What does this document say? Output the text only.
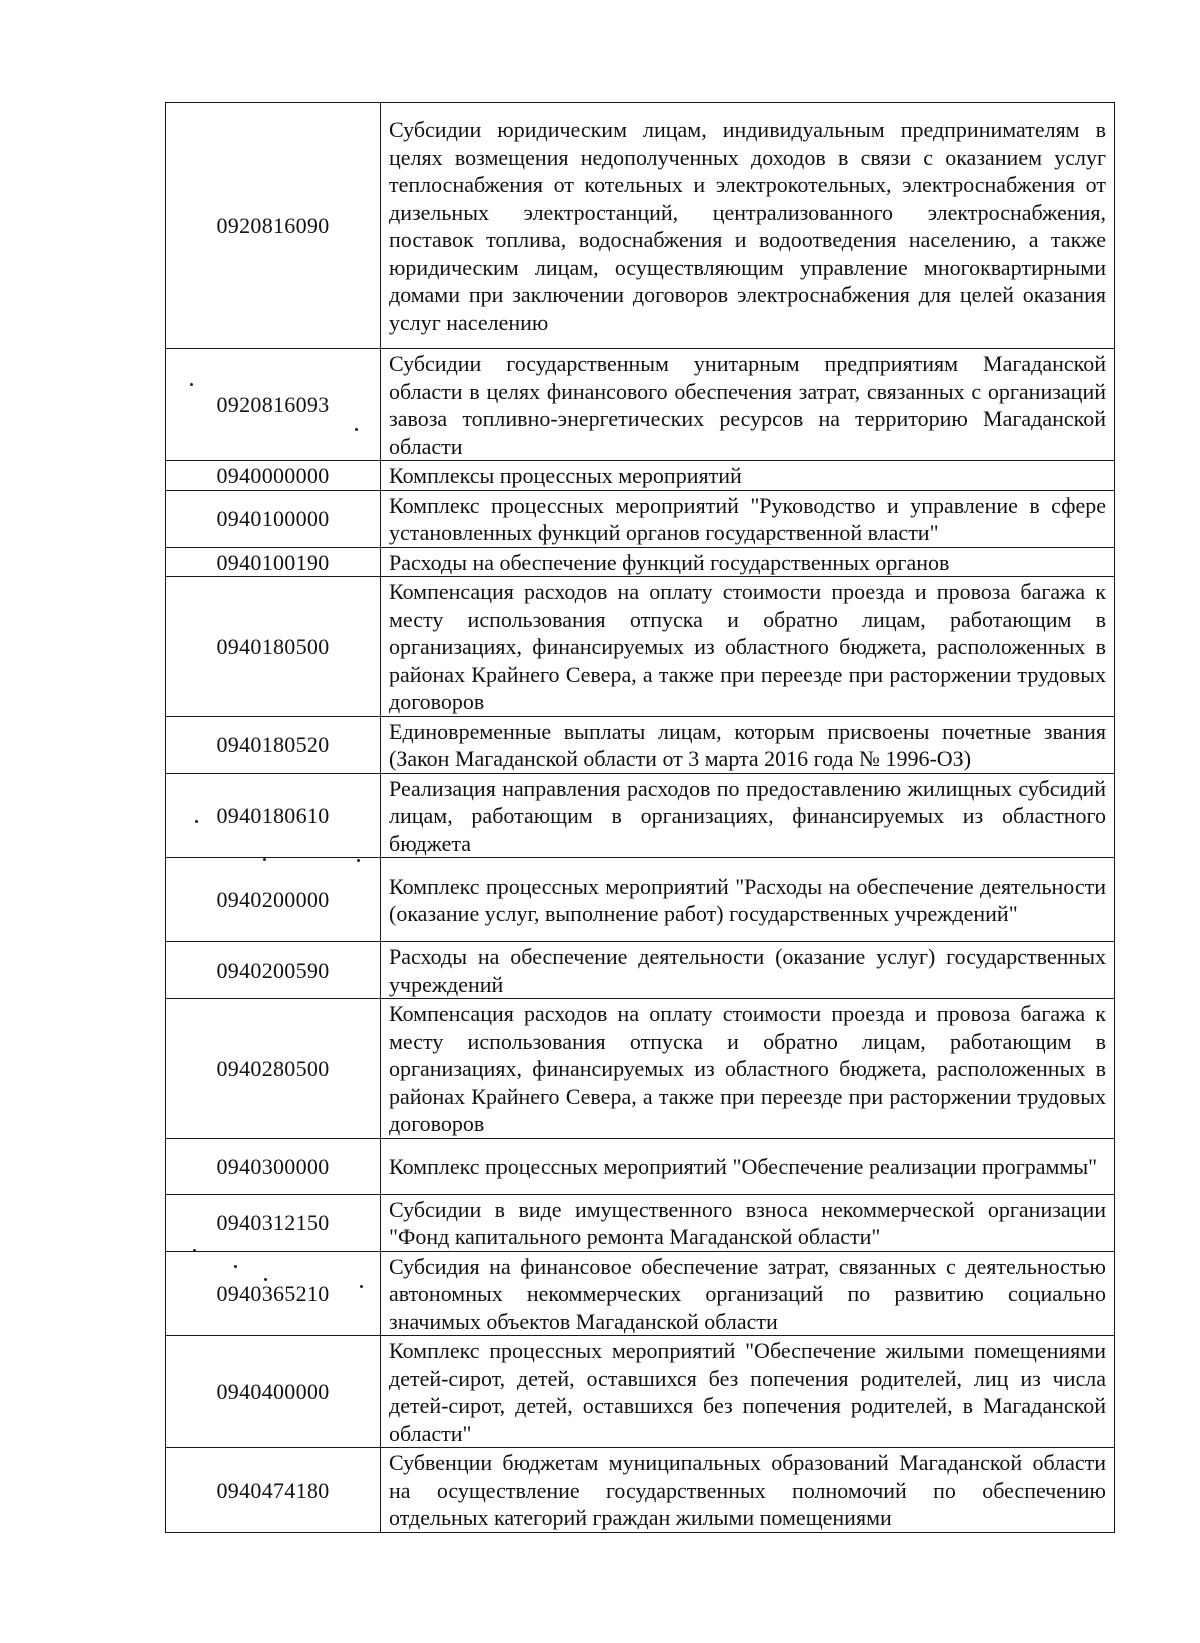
0920816090	Субсидии юридическим лицам, индивидуальным предпринимателям в целях возмещения недополученных доходов в связи с оказанием услуг теплоснабжения от котельных и электрокотельных, электроснабжения от дизельных электростанций, централизованного электроснабжения, поставок топлива, водоснабжения и водоотведения населению, а также юридическим лицам, осуществляющим управление многоквартирными домами при заключении договоров электроснабжения для целей оказания услуг населению
0920816093	Субсидии государственным унитарным предприятиям Магаданской области в целях финансового обеспечения затрат, связанных с организаций завоза топливно-энергетических ресурсов на территорию Магаданской области
0940000000	Комплексы процессных мероприятий
0940100000	Комплекс процессных мероприятий "Руководство и управление в сфере установленных функций органов государственной власти"
0940100190	Расходы на обеспечение функций государственных органов
0940180500	Компенсация расходов на оплату стоимости проезда и провоза багажа к месту использования отпуска и обратно лицам, работающим в организациях, финансируемых из областного бюджета, расположенных в районах Крайнего Севера, а также при переезде при расторжении трудовых договоров
0940180520	Единовременные выплаты лицам, которым присвоены почетные звания (Закон Магаданской области от 3 марта 2016 года № 1996-ОЗ)
0940180610	Реализация направления расходов по предоставлению жилищных субсидий лицам, работающим в организациях, финансируемых из областного бюджета
0940200000	Комплекс процессных мероприятий "Расходы на обеспечение деятельности (оказание услуг, выполнение работ) государственных учреждений"
0940200590	Расходы на обеспечение деятельности (оказание услуг) государственных учреждений
0940280500	Компенсация расходов на оплату стоимости проезда и провоза багажа к месту использования отпуска и обратно лицам, работающим в организациях, финансируемых из областного бюджета, расположенных в районах Крайнего Севера, а также при переезде при расторжении трудовых договоров
0940300000	Комплекс процессных мероприятий "Обеспечение реализации программы"
0940312150	Субсидии в виде имущественного взноса некоммерческой организации "Фонд капитального ремонта Магаданской области"
0940365210	Субсидия на финансовое обеспечение затрат, связанных с деятельностью автономных некоммерческих организаций по развитию социально значимых объектов Магаданской области
0940400000	Комплекс процессных мероприятий "Обеспечение жилыми помещениями детей-сирот, детей, оставшихся без попечения родителей, лиц из числа детей-сирот, детей, оставшихся без попечения родителей, в Магаданской области"
0940474180	Субвенции бюджетам муниципальных образований Магаданской области на осуществление государственных полномочий по обеспечению отдельных категорий граждан жилыми помещениями
